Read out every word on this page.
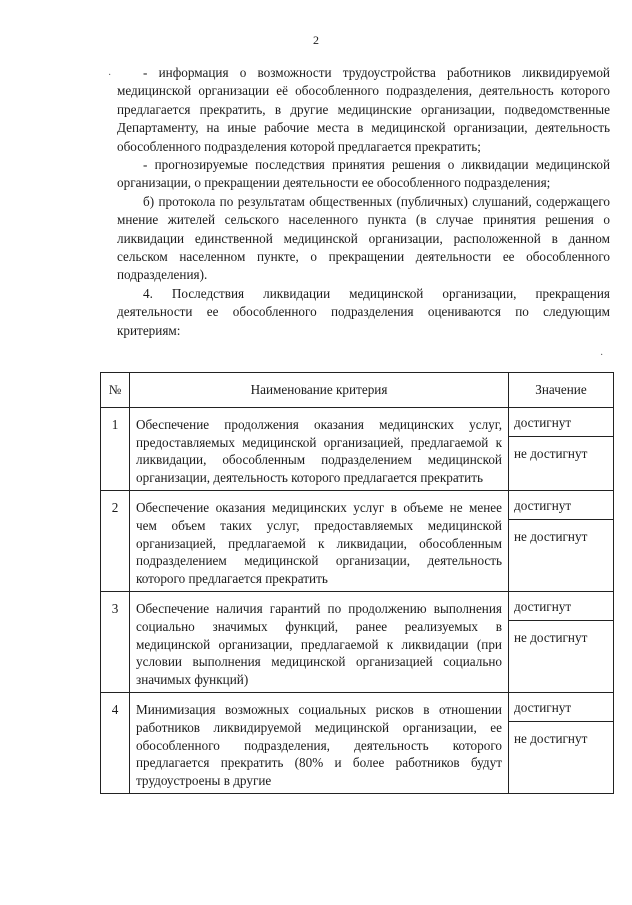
2

- информация о возможности трудоустройства работников ликвидируемой медицинской организации её обособленного подразделения, деятельность которого предлагается прекратить, в другие медицинские организации, подведомственные Департаменту, на иные рабочие места в медицинской организации, деятельность обособленного подразделения которой предлагается прекратить;

- прогнозируемые последствия принятия решения о ликвидации медицинской организации, о прекращении деятельности ее обособленного подразделения;

б) протокола по результатам общественных (публичных) слушаний, содержащего мнение жителей сельского населенного пункта (в случае принятия решения о ликвидации единственной медицинской организации, расположенной в данном сельском населенном пункте, о прекращении деятельности ее обособленного подразделения).

4. Последствия ликвидации медицинской организации, прекращения деятельности ее обособленного подразделения оцениваются по следующим критериям:

·
·
№	Наименование критерия	Значение
1	Обеспечение продолжения оказания медицинских услуг, предоставляемых медицинской организацией, предлагаемой к ликвидации, обособленным подразделением медицинской организации, деятельность которого предлагается прекратить	достигнут
не достигнут

2	Обеспечение оказания медицинских услуг в объеме не менее чем объем таких услуг, предоставляемых медицинской организацией, предлагаемой к ликвидации, обособленным подразделением медицинской организации, деятельность которого предлагается прекратить	достигнут
не достигнут

3	Обеспечение наличия гарантий по продолжению выполнения социально значимых функций, ранее реализуемых в медицинской организации, предлагаемой к ликвидации (при условии выполнения медицинской организацией социально значимых функций)	достигнут
не достигнут

4	Минимизация возможных социальных рисков в отношении работников ликвидируемой медицинской организации, ее обособленного подразделения, деятельность которого предлагается прекратить (80% и более работников будут трудоустроены в другие	достигнут
не достигнут
